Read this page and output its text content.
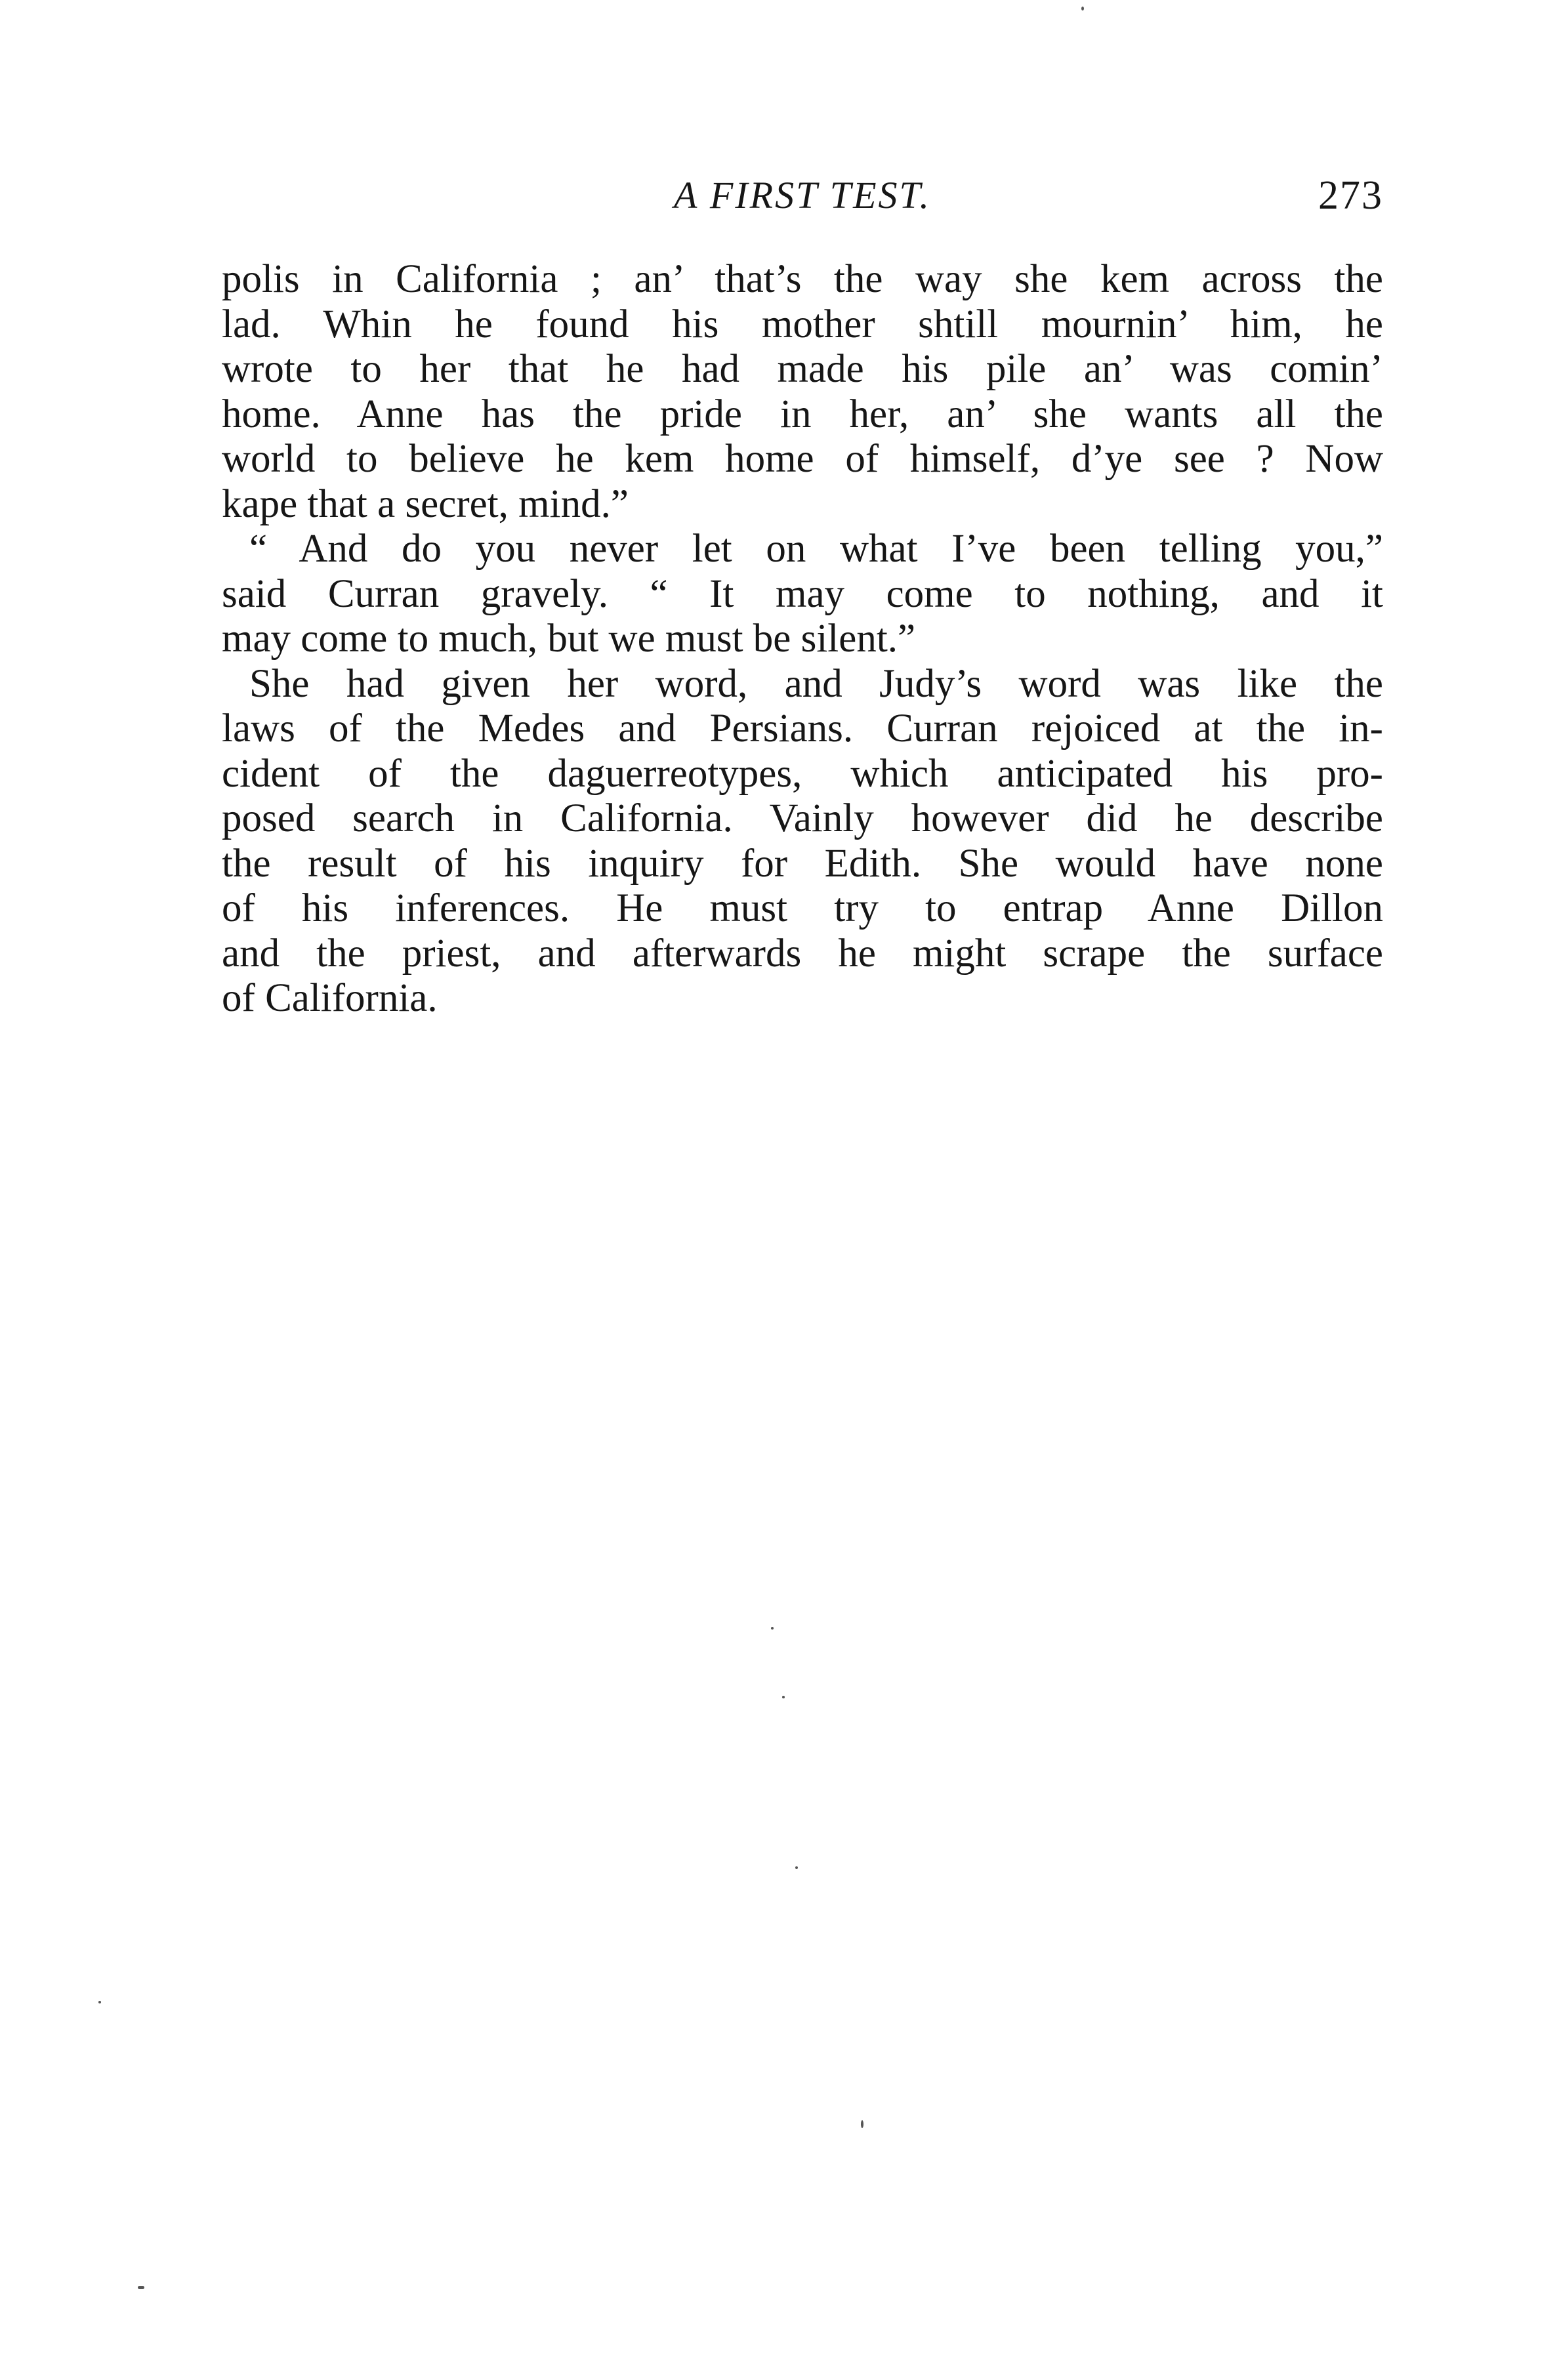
A FIRST TEST.	273
polis in California ; an’ that’s the way she kem across the
lad. Whin he found his mother shtill mournin’ him, he
wrote to her that he had made his pile an’ was comin’
home. Anne has the pride in her, an’ she wants all the
world to believe he kem home of himself, d’ye see ? Now
kape that a secret, mind.”
“ And do you never let on what I’ve been telling you,”
said Curran gravely. “ It may come to nothing, and it
may come to much, but we must be silent.”
She had given her word, and Judy’s word was like the
laws of the Medes and Persians. Curran rejoiced at the in-
cident of the daguerreotypes, which anticipated his pro-
posed search in California. Vainly however did he describe
the result of his inquiry for Edith. She would have none
of his inferences. He must try to entrap Anne Dillon
and the priest, and afterwards he might scrape the surface
of California.
